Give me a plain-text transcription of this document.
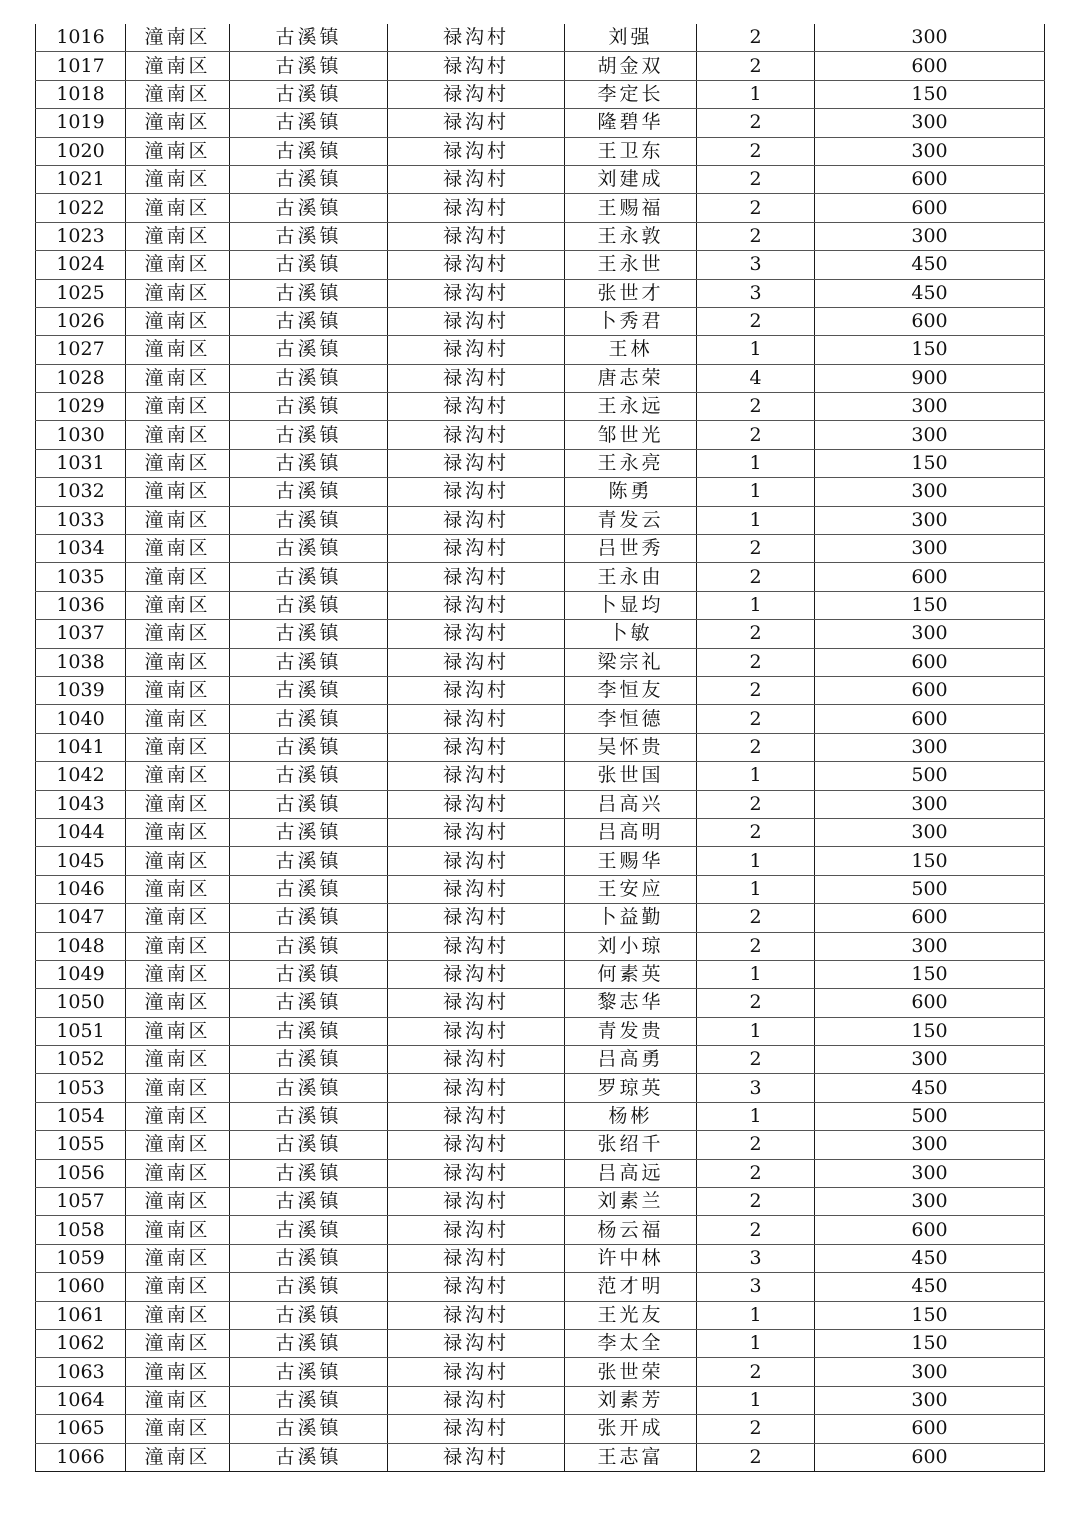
1016	潼南区	古溪镇	禄沟村	刘强	2	300
1017	潼南区	古溪镇	禄沟村	胡金双	2	600
1018	潼南区	古溪镇	禄沟村	李定长	1	150
1019	潼南区	古溪镇	禄沟村	隆碧华	2	300
1020	潼南区	古溪镇	禄沟村	王卫东	2	300
1021	潼南区	古溪镇	禄沟村	刘建成	2	600
1022	潼南区	古溪镇	禄沟村	王赐福	2	600
1023	潼南区	古溪镇	禄沟村	王永敦	2	300
1024	潼南区	古溪镇	禄沟村	王永世	3	450
1025	潼南区	古溪镇	禄沟村	张世才	3	450
1026	潼南区	古溪镇	禄沟村	卜秀君	2	600
1027	潼南区	古溪镇	禄沟村	王林	1	150
1028	潼南区	古溪镇	禄沟村	唐志荣	4	900
1029	潼南区	古溪镇	禄沟村	王永远	2	300
1030	潼南区	古溪镇	禄沟村	邹世光	2	300
1031	潼南区	古溪镇	禄沟村	王永亮	1	150
1032	潼南区	古溪镇	禄沟村	陈勇	1	300
1033	潼南区	古溪镇	禄沟村	青发云	1	300
1034	潼南区	古溪镇	禄沟村	吕世秀	2	300
1035	潼南区	古溪镇	禄沟村	王永由	2	600
1036	潼南区	古溪镇	禄沟村	卜显均	1	150
1037	潼南区	古溪镇	禄沟村	卜敏	2	300
1038	潼南区	古溪镇	禄沟村	梁宗礼	2	600
1039	潼南区	古溪镇	禄沟村	李恒友	2	600
1040	潼南区	古溪镇	禄沟村	李恒德	2	600
1041	潼南区	古溪镇	禄沟村	吴怀贵	2	300
1042	潼南区	古溪镇	禄沟村	张世国	1	500
1043	潼南区	古溪镇	禄沟村	吕高兴	2	300
1044	潼南区	古溪镇	禄沟村	吕高明	2	300
1045	潼南区	古溪镇	禄沟村	王赐华	1	150
1046	潼南区	古溪镇	禄沟村	王安应	1	500
1047	潼南区	古溪镇	禄沟村	卜益勤	2	600
1048	潼南区	古溪镇	禄沟村	刘小琼	2	300
1049	潼南区	古溪镇	禄沟村	何素英	1	150
1050	潼南区	古溪镇	禄沟村	黎志华	2	600
1051	潼南区	古溪镇	禄沟村	青发贵	1	150
1052	潼南区	古溪镇	禄沟村	吕高勇	2	300
1053	潼南区	古溪镇	禄沟村	罗琼英	3	450
1054	潼南区	古溪镇	禄沟村	杨彬	1	500
1055	潼南区	古溪镇	禄沟村	张绍千	2	300
1056	潼南区	古溪镇	禄沟村	吕高远	2	300
1057	潼南区	古溪镇	禄沟村	刘素兰	2	300
1058	潼南区	古溪镇	禄沟村	杨云福	2	600
1059	潼南区	古溪镇	禄沟村	许中林	3	450
1060	潼南区	古溪镇	禄沟村	范才明	3	450
1061	潼南区	古溪镇	禄沟村	王光友	1	150
1062	潼南区	古溪镇	禄沟村	李太全	1	150
1063	潼南区	古溪镇	禄沟村	张世荣	2	300
1064	潼南区	古溪镇	禄沟村	刘素芳	1	300
1065	潼南区	古溪镇	禄沟村	张开成	2	600
1066	潼南区	古溪镇	禄沟村	王志富	2	600
